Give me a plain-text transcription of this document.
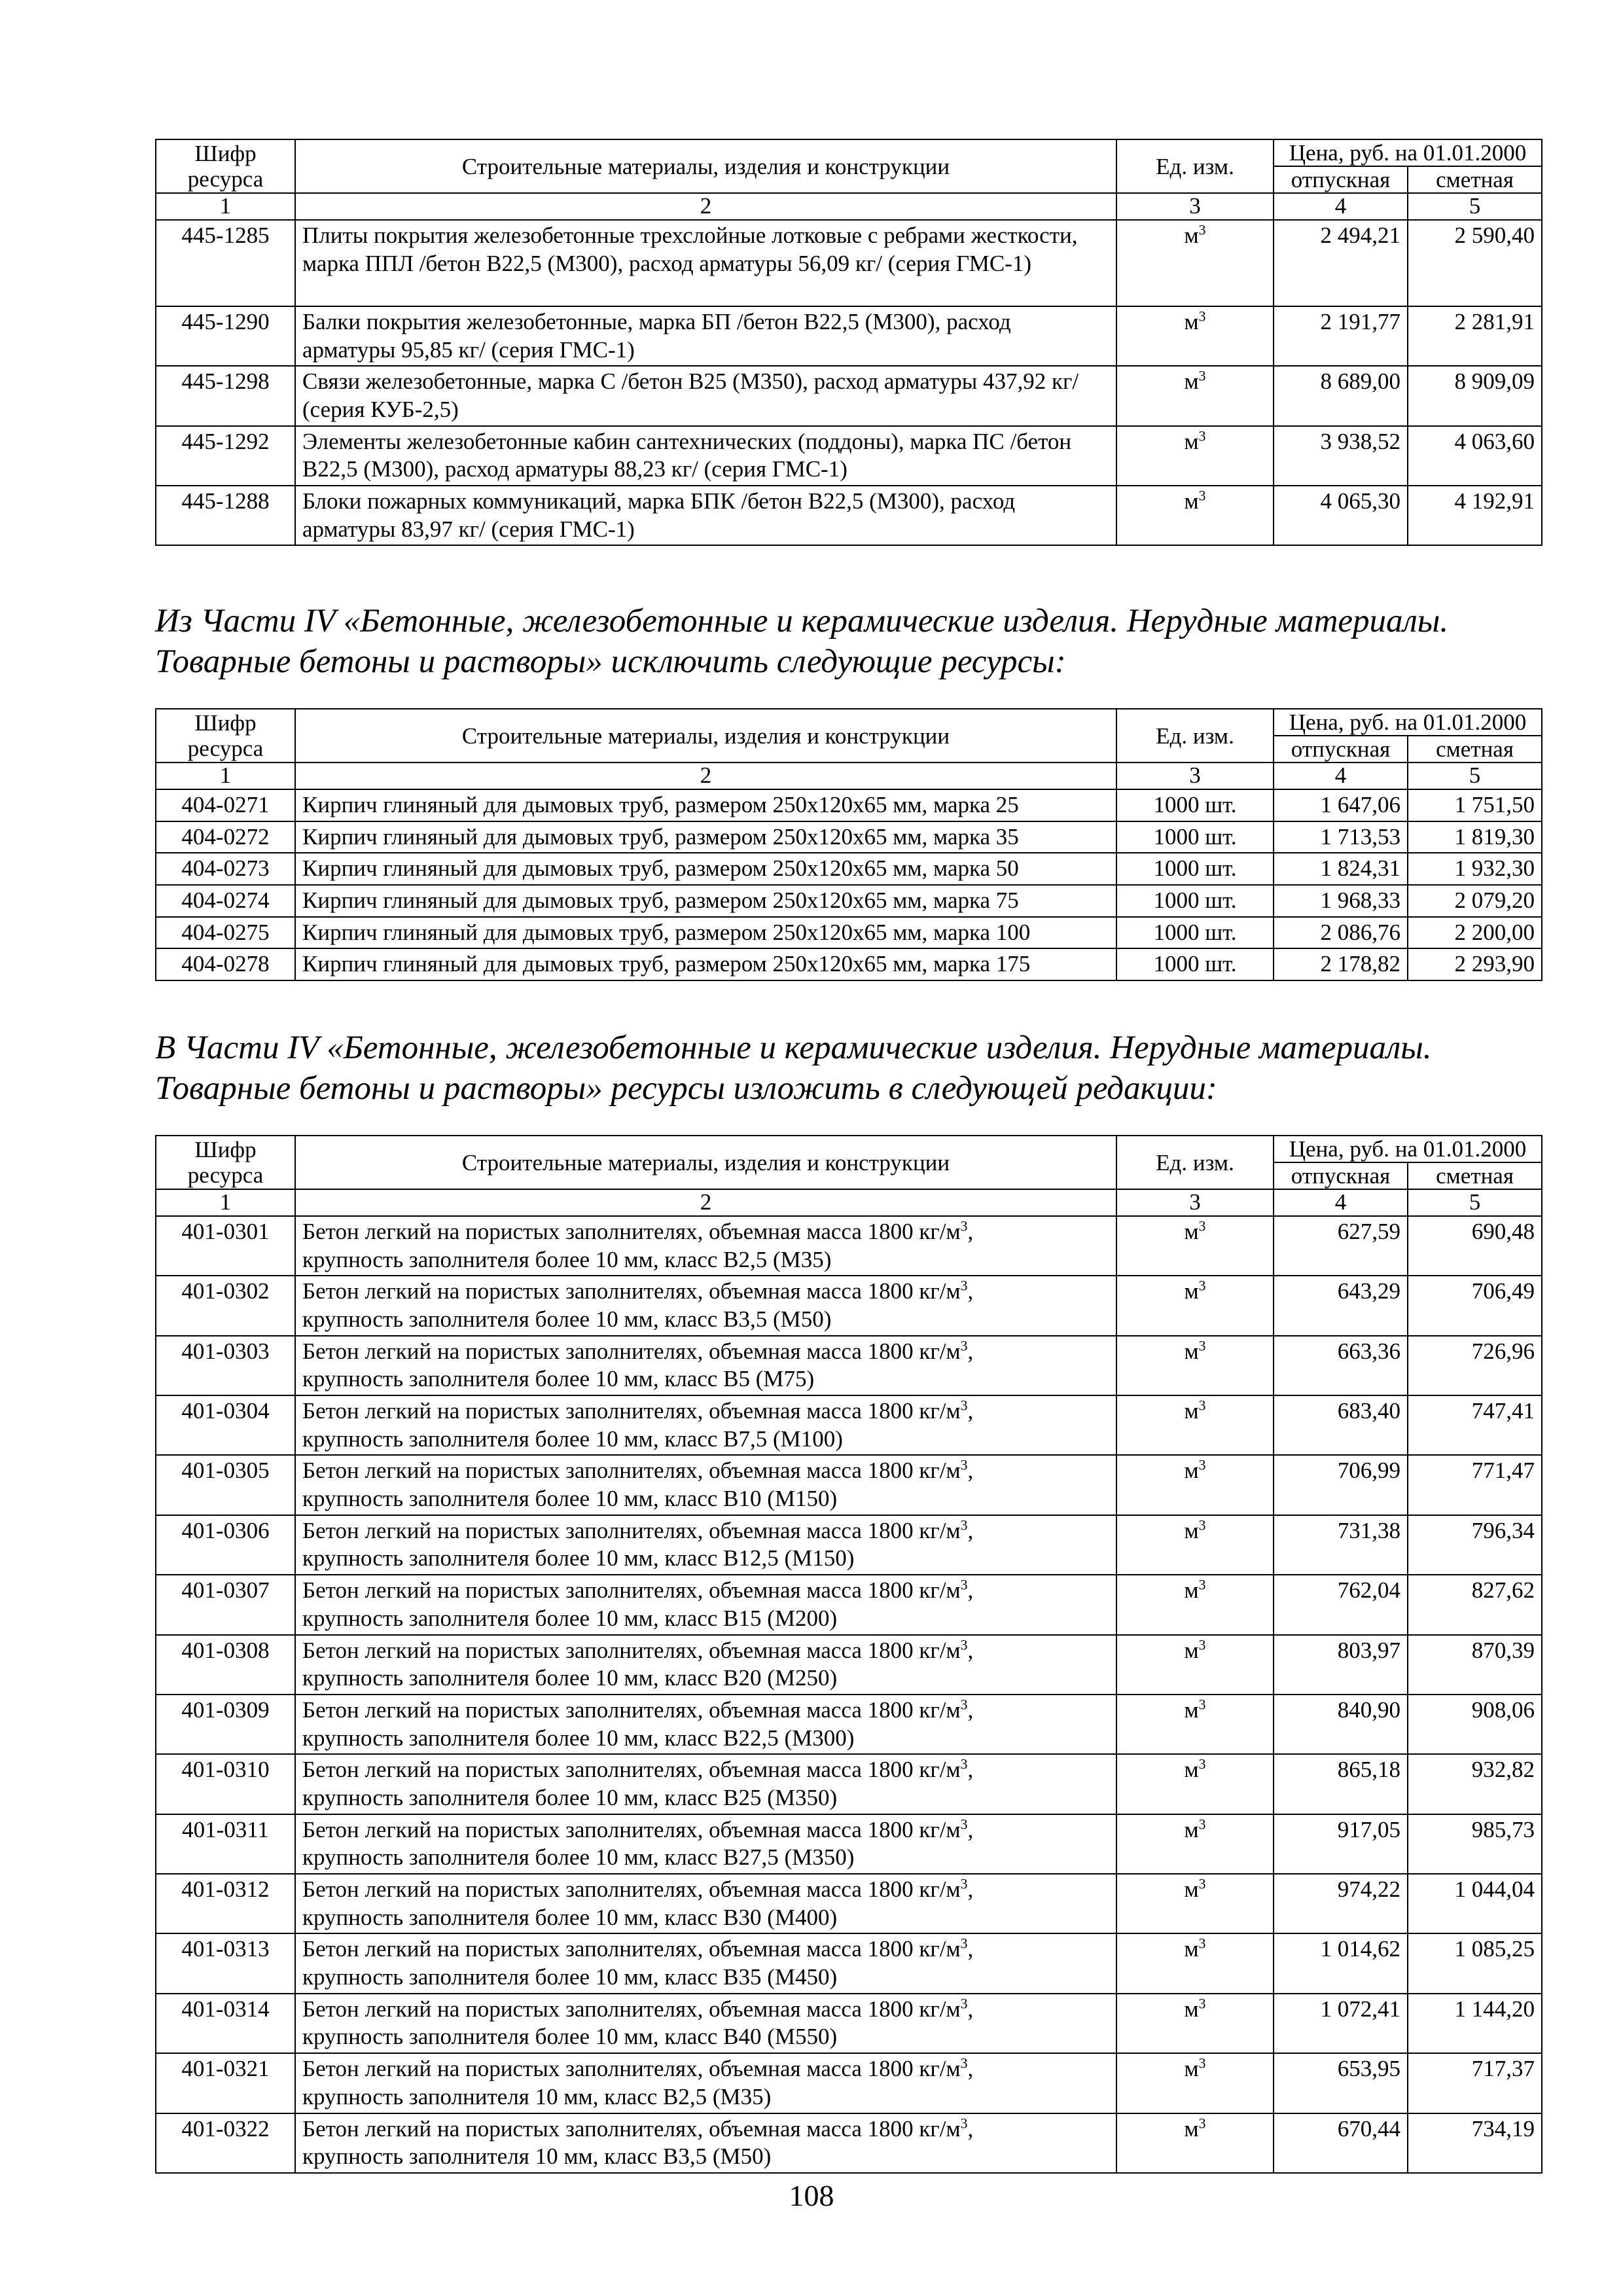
Шифр ресурса	Строительные материалы, изделия и конструкции	Ед. изм.	Цена, руб. на 01.01.2000	
			отпускная	сметная
1	2	3	4	5
445-1285	Плиты покрытия железобетонные трехслойные лотковые с ребрами жесткости, марка ППЛ /бетон В22,5 (М300), расход арматуры 56,09 кг/ (серия ГМС-1)	$м^3$	2 494,21	2 590,40
445-1290	Балки покрытия железобетонные, марка БП /бетон В22,5 (М300), расход арматуры 95,85 кг/ (серия ГМС-1)	$м^3$	2 191,77	2 281,91
445-1298	Связи железобетонные, марка С /бетон В25 (М350), расход арматуры 437,92 кг/ (серия КУБ-2,5)	$м^3$	8 689,00	8 909,09
445-1292	Элементы железобетонные кабин сантехнических (поддоны), марка ПС /бетон В22,5 (М300), расход арматуры 88,23 кг/ (серия ГМС-1)	$м^3$	3 938,52	4 063,60
445-1288	Блоки пожарных коммуникаций, марка БПК /бетон В22,5 (М300), расход арматуры 83,97 кг/ (серия ГМС-1)	$м^3$	4 065,30	4 192,91
Из Части IV «Бетонные, железобетонные и керамические изделия. Нерудные материалы.
Товарные бетоны и растворы» исключить следующие ресурсы:
Шифр ресурса	Строительные материалы, изделия и конструкции	Ед. изм.	Цена, руб. на 01.01.2000	
			отпускная	сметная
1	2	3	4	5
404-0271	Кирпич глиняный для дымовых труб, размером 250х120х65 мм, марка 25	1000 шт.	1 647,06	1 751,50
404-0272	Кирпич глиняный для дымовых труб, размером 250х120х65 мм, марка 35	1000 шт.	1 713,53	1 819,30
404-0273	Кирпич глиняный для дымовых труб, размером 250х120х65 мм, марка 50	1000 шт.	1 824,31	1 932,30
404-0274	Кирпич глиняный для дымовых труб, размером 250х120х65 мм, марка 75	1000 шт.	1 968,33	2 079,20
404-0275	Кирпич глиняный для дымовых труб, размером 250х120х65 мм, марка 100	1000 шт.	2 086,76	2 200,00
404-0278	Кирпич глиняный для дымовых труб, размером 250х120х65 мм, марка 175	1000 шт.	2 178,82	2 293,90
В Части IV «Бетонные, железобетонные и керамические изделия. Нерудные материалы.
Товарные бетоны и растворы» ресурсы изложить в следующей редакции:
Шифр ресурса	Строительные материалы, изделия и конструкции	Ед. изм.	Цена, руб. на 01.01.2000	
			отпускная	сметная
1	2	3	4	5
401-0301	Бетон легкий на пористых заполнителях, объемная масса 1800 $кг/м^3$,
крупность заполнителя более 10 мм, класс В2,5 (М35)	$м^3$	627,59	690,48
401-0302	Бетон легкий на пористых заполнителях, объемная масса 1800 $кг/м^3$,
крупность заполнителя более 10 мм, класс В3,5 (М50)	$м^3$	643,29	706,49
401-0303	Бетон легкий на пористых заполнителях, объемная масса 1800 $кг/м^3$,
крупность заполнителя более 10 мм, класс В5 (М75)	$м^3$	663,36	726,96
401-0304	Бетон легкий на пористых заполнителях, объемная масса 1800 $кг/м^3$,
крупность заполнителя более 10 мм, класс В7,5 (М100)	$м^3$	683,40	747,41
401-0305	Бетон легкий на пористых заполнителях, объемная масса 1800 $кг/м^3$,
крупность заполнителя более 10 мм, класс В10 (М150)	$м^3$	706,99	771,47
401-0306	Бетон легкий на пористых заполнителях, объемная масса 1800 $кг/м^3$,
крупность заполнителя более 10 мм, класс В12,5 (М150)	$м^3$	731,38	796,34
401-0307	Бетон легкий на пористых заполнителях, объемная масса 1800 $кг/м^3$,
крупность заполнителя более 10 мм, класс В15 (М200)	$м^3$	762,04	827,62
401-0308	Бетон легкий на пористых заполнителях, объемная масса 1800 $кг/м^3$,
крупность заполнителя более 10 мм, класс В20 (М250)	$м^3$	803,97	870,39
401-0309	Бетон легкий на пористых заполнителях, объемная масса 1800 $кг/м^3$,
крупность заполнителя более 10 мм, класс В22,5 (М300)	$м^3$	840,90	908,06
401-0310	Бетон легкий на пористых заполнителях, объемная масса 1800 $кг/м^3$,
крупность заполнителя более 10 мм, класс В25 (М350)	$м^3$	865,18	932,82
401-0311	Бетон легкий на пористых заполнителях, объемная масса 1800 $кг/м^3$,
крупность заполнителя более 10 мм, класс В27,5 (М350)	$м^3$	917,05	985,73
401-0312	Бетон легкий на пористых заполнителях, объемная масса 1800 $кг/м^3$,
крупность заполнителя более 10 мм, класс В30 (М400)	$м^3$	974,22	1 044,04
401-0313	Бетон легкий на пористых заполнителях, объемная масса 1800 $кг/м^3$,
крупность заполнителя более 10 мм, класс В35 (М450)	$м^3$	1 014,62	1 085,25
401-0314	Бетон легкий на пористых заполнителях, объемная масса 1800 $кг/м^3$,
крупность заполнителя более 10 мм, класс В40 (М550)	$м^3$	1 072,41	1 144,20
401-0321	Бетон легкий на пористых заполнителях, объемная масса 1800 $кг/м^3$,
крупность заполнителя 10 мм, класс В2,5 (М35)	$м^3$	653,95	717,37
401-0322	Бетон легкий на пористых заполнителях, объемная масса 1800 $кг/м^3$,
крупность заполнителя 10 мм, класс В3,5 (М50)	$м^3$	670,44	734,19
108
